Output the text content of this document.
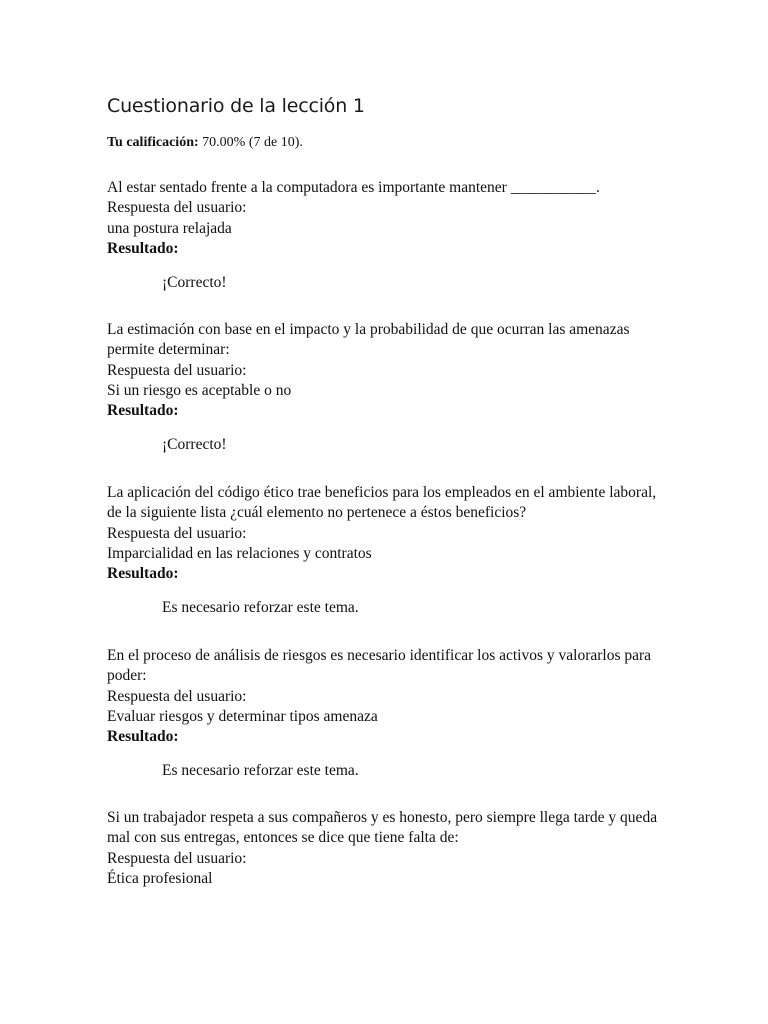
Cuestionario de la lección 1
Tu calificación: 70.00% (7 de 10).

Al estar sentado frente a la computadora es importante mantener ___________.

Respuesta del usuario:

una postura relajada

Resultado:

¡Correcto!

La estimación con base en el impacto y la probabilidad de que ocurran las amenazas permite determinar:

Respuesta del usuario:

Si un riesgo es aceptable o no

Resultado:

¡Correcto!

La aplicación del código ético trae beneficios para los empleados en el ambiente laboral, de la siguiente lista ¿cuál elemento no pertenece a éstos beneficios?

Respuesta del usuario:

Imparcialidad en las relaciones y contratos

Resultado:

Es necesario reforzar este tema.

En el proceso de análisis de riesgos es necesario identificar los activos y valorarlos para poder:

Respuesta del usuario:

Evaluar riesgos y determinar tipos amenaza

Resultado:

Es necesario reforzar este tema.

Si un trabajador respeta a sus compañeros y es honesto, pero siempre llega tarde y queda mal con sus entregas, entonces se dice que tiene falta de:

Respuesta del usuario:

Ética profesional
